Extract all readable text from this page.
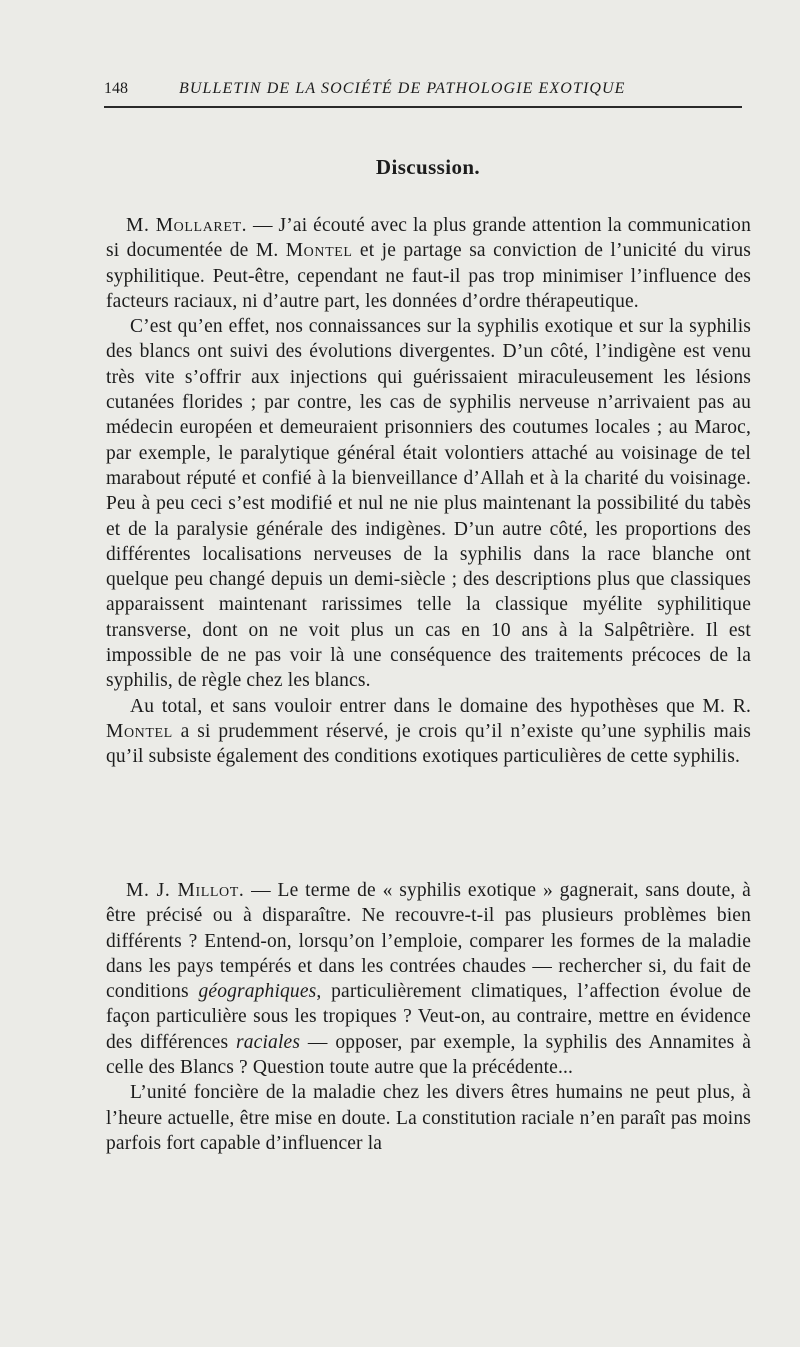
148	BULLETIN DE LA SOCIÉTÉ DE PATHOLOGIE EXOTIQUE
Discussion.

M. Mollaret. — J’ai écouté avec la plus grande attention la communication si documentée de M. Montel et je partage sa conviction de l’unicité du virus syphilitique. Peut-être, cependant ne faut-il pas trop minimiser l’influence des facteurs raciaux, ni d’autre part, les données d’ordre thérapeutique.

C’est qu’en effet, nos connaissances sur la syphilis exotique et sur la syphilis des blancs ont suivi des évolutions divergentes. D’un côté, l’indigène est venu très vite s’offrir aux injections qui guérissaient miraculeusement les lésions cutanées florides ; par contre, les cas de syphilis nerveuse n’arrivaient pas au médecin européen et demeuraient prisonniers des coutumes locales ; au Maroc, par exemple, le paralytique général était volontiers attaché au voisinage de tel marabout réputé et confié à la bienveillance d’Allah et à la charité du voisinage. Peu à peu ceci s’est modifié et nul ne nie plus maintenant la possibilité du tabès et de la paralysie générale des indigènes. D’un autre côté, les proportions des différentes localisations nerveuses de la syphilis dans la race blanche ont quelque peu changé depuis un demi-siècle ; des descriptions plus que classiques apparaissent maintenant rarissimes telle la classique myélite syphilitique transverse, dont on ne voit plus un cas en 10 ans à la Salpêtrière. Il est impossible de ne pas voir là une conséquence des traitements précoces de la syphilis, de règle chez les blancs.

Au total, et sans vouloir entrer dans le domaine des hypothèses que M. R. Montel a si prudemment réservé, je crois qu’il n’existe qu’une syphilis mais qu’il subsiste également des conditions exotiques particulières de cette syphilis.

M. J. Millot. — Le terme de « syphilis exotique » gagnerait, sans doute, à être précisé ou à disparaître. Ne recouvre-t-il pas plusieurs problèmes bien différents ? Entend-on, lorsqu’on l’emploie, comparer les formes de la maladie dans les pays tempérés et dans les contrées chaudes — rechercher si, du fait de conditions géographiques, particulièrement climatiques, l’affection évolue de façon particulière sous les tropiques ? Veut-on, au contraire, mettre en évidence des différences raciales — opposer, par exemple, la syphilis des Annamites à celle des Blancs ? Question toute autre que la précédente...

L’unité foncière de la maladie chez les divers êtres humains ne peut plus, à l’heure actuelle, être mise en doute. La constitution raciale n’en paraît pas moins parfois fort capable d’influencer la
